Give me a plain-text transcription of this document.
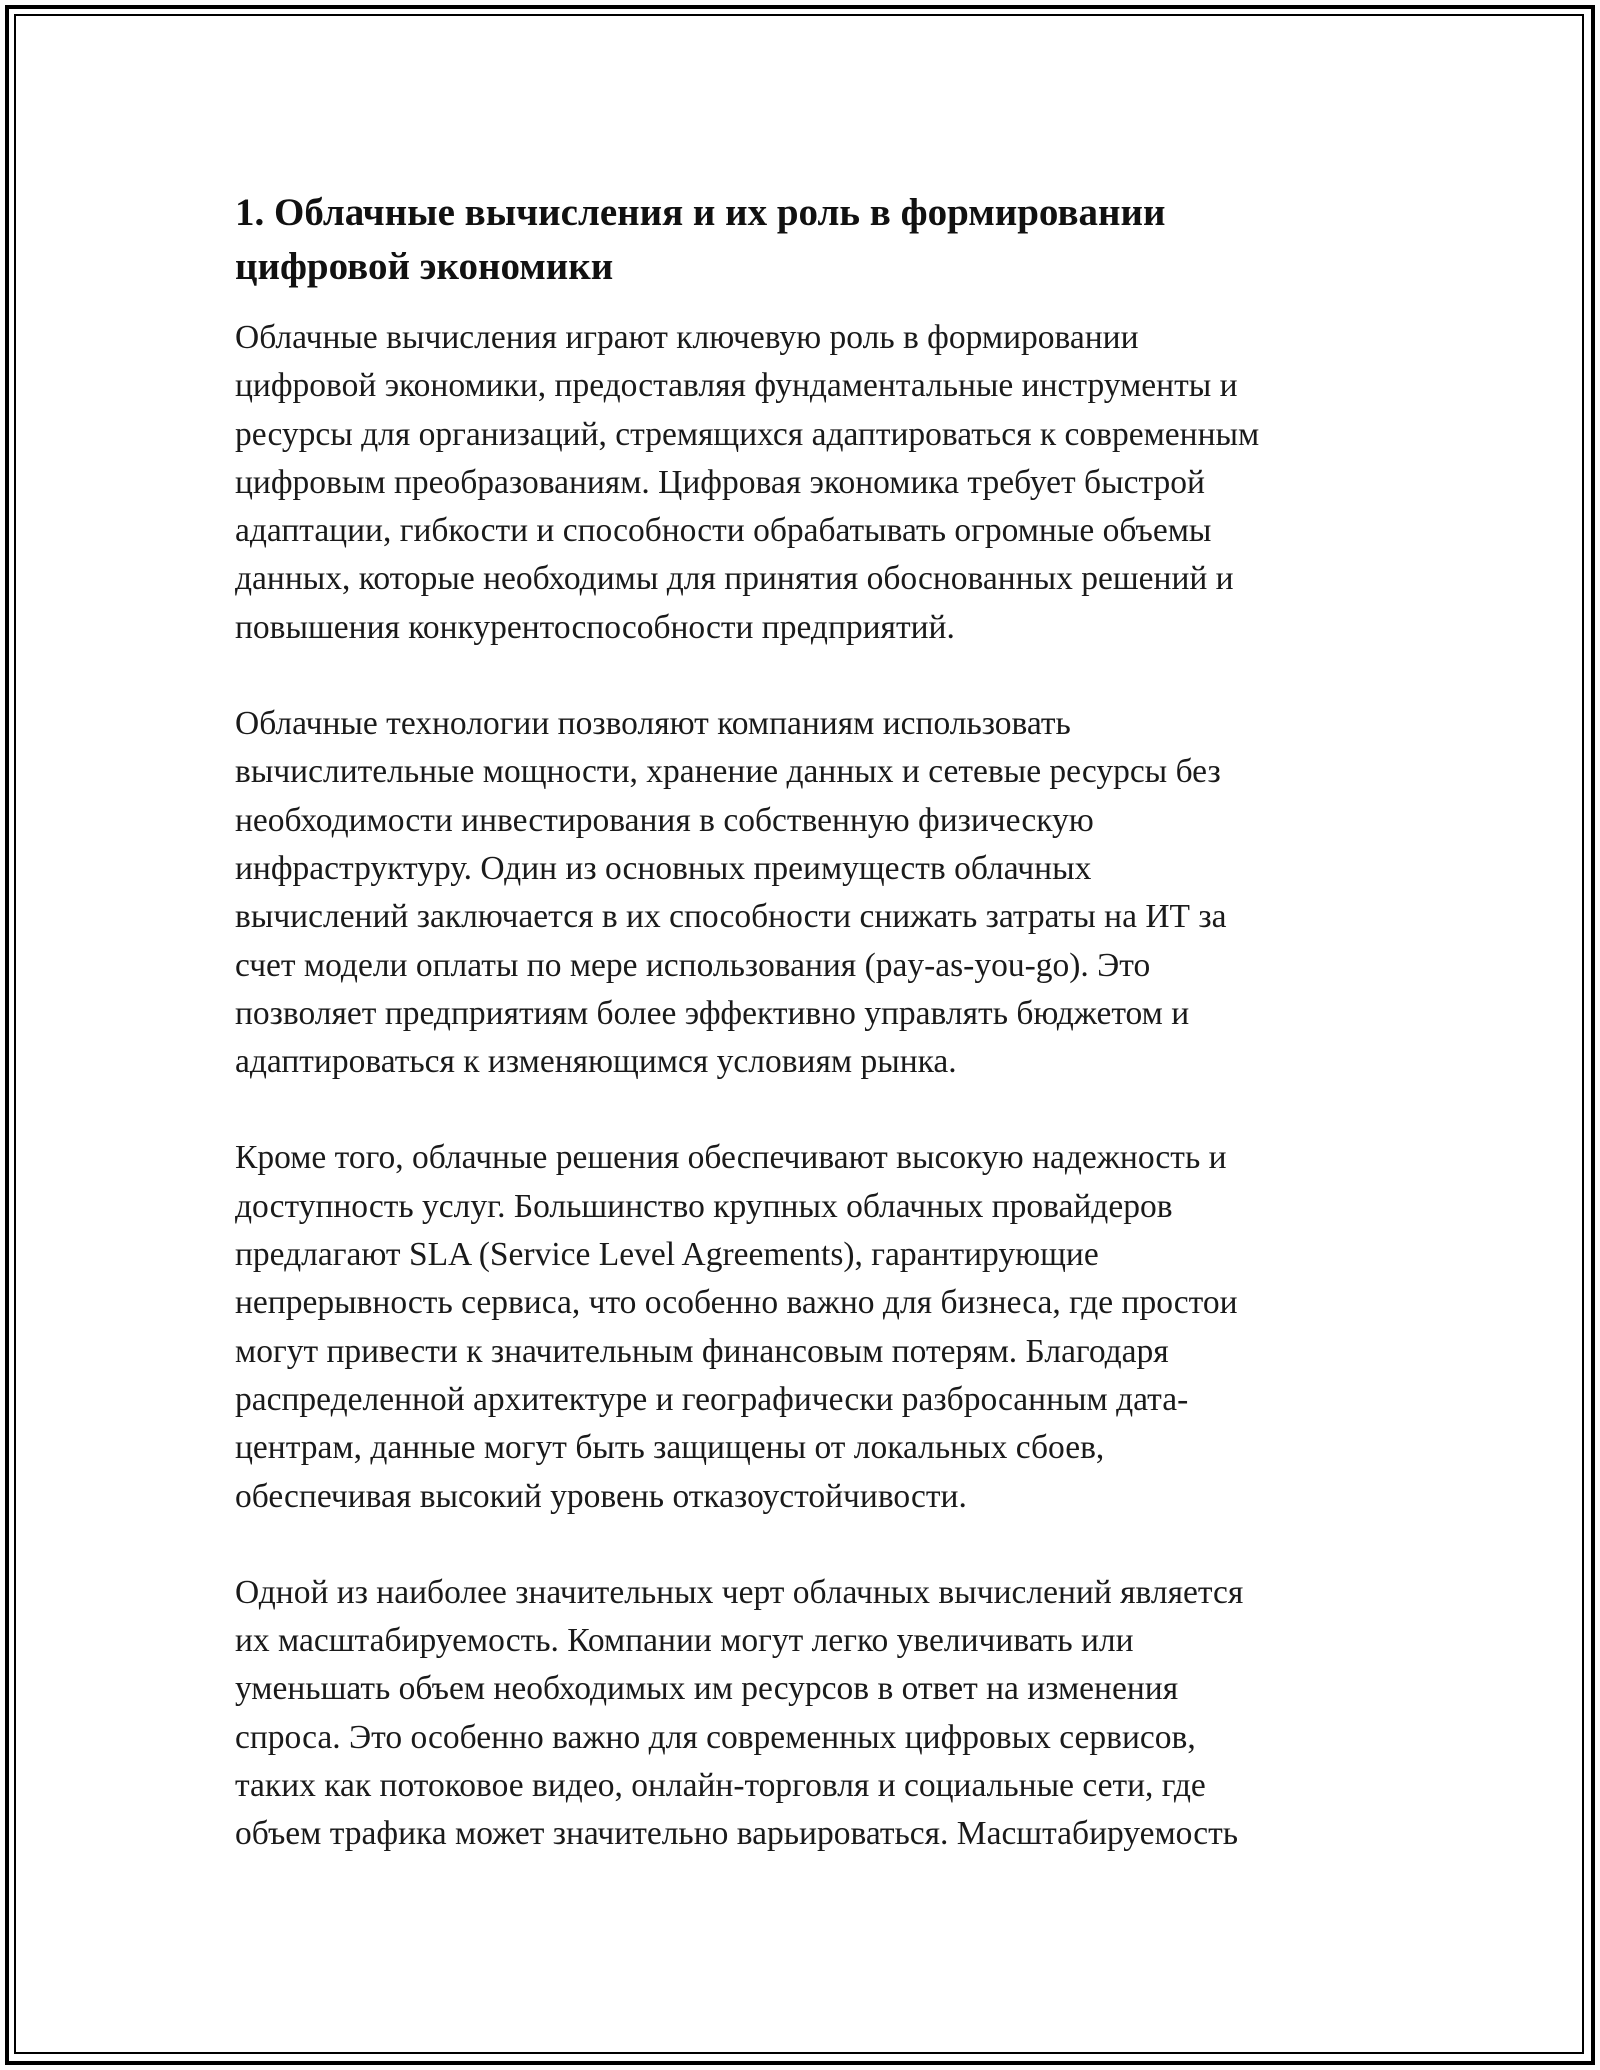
1. Облачные вычисления и их роль в формировании
цифровой экономики

Облачные вычисления играют ключевую роль в формировании
цифровой экономики, предоставляя фундаментальные инструменты и
ресурсы для организаций, стремящихся адаптироваться к современным
цифровым преобразованиям. Цифровая экономика требует быстрой
адаптации, гибкости и способности обрабатывать огромные объемы
данных, которые необходимы для принятия обоснованных решений и
повышения конкурентоспособности предприятий.

Облачные технологии позволяют компаниям использовать
вычислительные мощности, хранение данных и сетевые ресурсы без
необходимости инвестирования в собственную физическую
инфраструктуру. Один из основных преимуществ облачных
вычислений заключается в их способности снижать затраты на ИТ за
счет модели оплаты по мере использования (pay-as-you-go). Это
позволяет предприятиям более эффективно управлять бюджетом и
адаптироваться к изменяющимся условиям рынка.

Кроме того, облачные решения обеспечивают высокую надежность и
доступность услуг. Большинство крупных облачных провайдеров
предлагают SLA (Service Level Agreements), гарантирующие
непрерывность сервиса, что особенно важно для бизнеса, где простои
могут привести к значительным финансовым потерям. Благодаря
распределенной архитектуре и географически разбросанным дата-
центрам, данные могут быть защищены от локальных сбоев,
обеспечивая высокий уровень отказоустойчивости.

Одной из наиболее значительных черт облачных вычислений является
их масштабируемость. Компании могут легко увеличивать или
уменьшать объем необходимых им ресурсов в ответ на изменения
спроса. Это особенно важно для современных цифровых сервисов,
таких как потоковое видео, онлайн-торговля и социальные сети, где
объем трафика может значительно варьироваться. Масштабируемость
